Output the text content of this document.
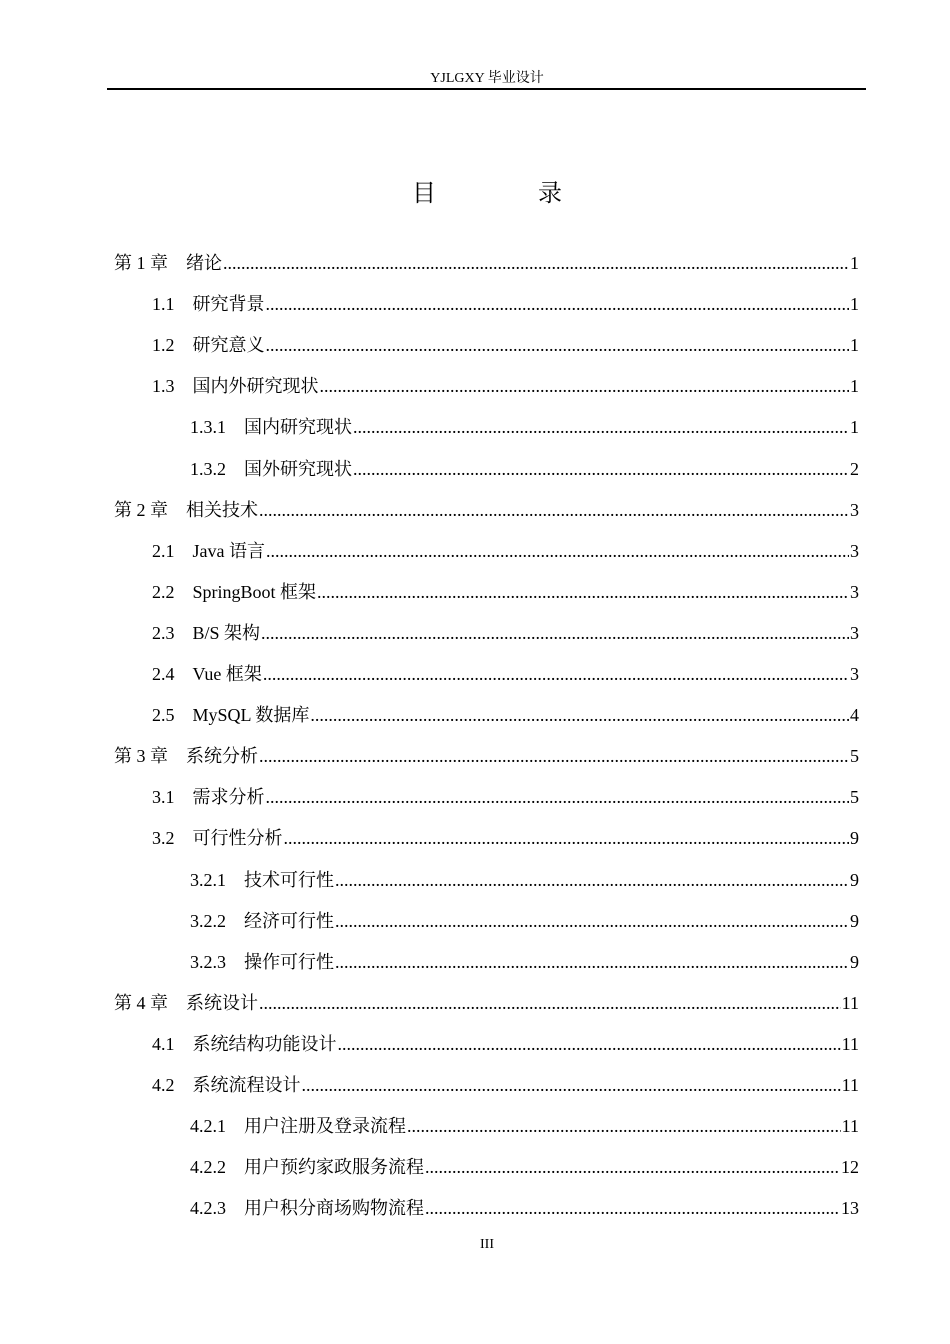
YJLGXY 毕业设计
目 录
第 1 章 绪论 .....	1
1.1 研究背景 .....	1
1.2 研究意义 .....	1
1.3 国内外研究现状 .....	1
1.3.1 国内研究现状 .....	1
1.3.2 国外研究现状 .....	2
第 2 章 相关技术 .....	3
2.1 Java 语言 .....	3
2.2 SpringBoot 框架 .....	3
2.3 B/S 架构 .....	3
2.4 Vue 框架 .....	3
2.5 MySQL 数据库 .....	4
第 3 章 系统分析 .....	5
3.1 需求分析 .....	5
3.2 可行性分析 .....	9
3.2.1 技术可行性 .....	9
3.2.2 经济可行性 .....	9
3.2.3 操作可行性 .....	9
第 4 章 系统设计 .....	11
4.1 系统结构功能设计 .....	11
4.2 系统流程设计 .....	11
4.2.1 用户注册及登录流程 .....	11
4.2.2 用户预约家政服务流程 .....	12
4.2.3 用户积分商场购物流程 .....	13
III
